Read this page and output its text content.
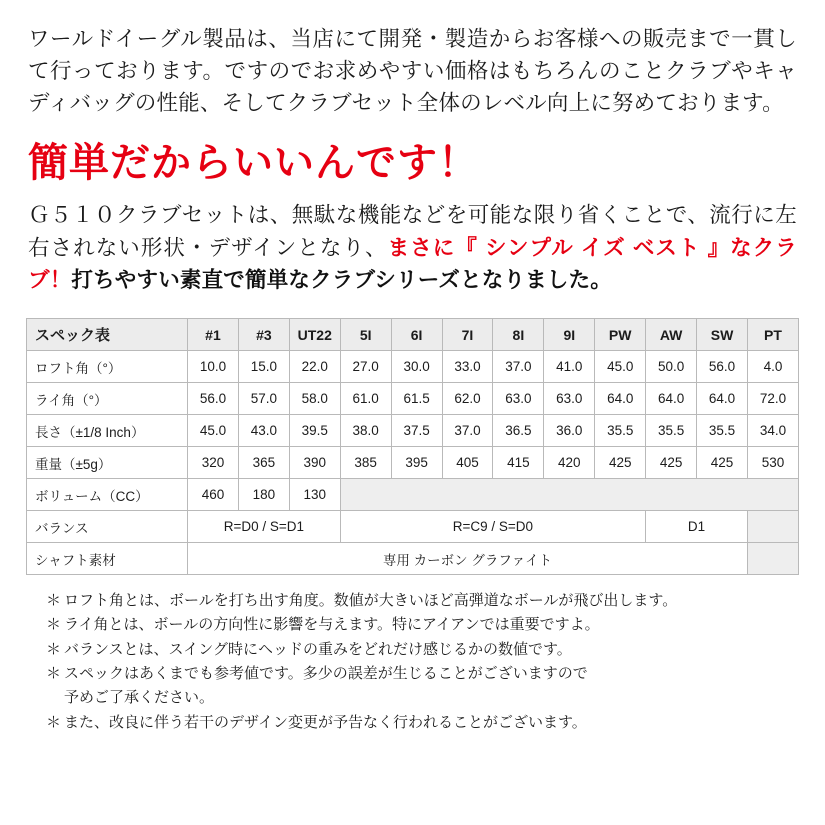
ワールドイーグル製品は、当店にて開発・製造からお客様への販売まで一貫して行っております。ですのでお求めやすい価格はもちろんのことクラブやキャディバッグの性能、そしてクラブセット全体のレベル向上に努めております。

簡単だからいいんです！

Ｇ５１０クラブセットは、無駄な機能などを可能な限り省くことで、流行に左右されない形状・デザインとなり、まさに『 シンプル イズ ベスト 』なクラブ！打ちやすい素直で簡単なクラブシリーズとなりました。

スペック表	#1	#3	UT22	5I	6I	7I	8I	9I	PW	AW	SW	PT
ロフト角（°）	10.0	15.0	22.0	27.0	30.0	33.0	37.0	41.0	45.0	50.0	56.0	4.0
ライ角（°）	56.0	57.0	58.0	61.0	61.5	62.0	63.0	63.0	64.0	64.0	64.0	72.0
長さ（±1/8 Inch）	45.0	43.0	39.5	38.0	37.5	37.0	36.5	36.0	35.5	35.5	35.5	34.0
重量（±5g）	320	365	390	385	395	405	415	420	425	425	425	530
ボリューム（CC）	460	180	130									
バランス	R=D0 / S=D1			R=C9 / S=D0						D1		
シャフト素材	専用 カーボン グラファイト											
＊ ロフト角とは、ボールを打ち出す角度。数値が大きいほど高弾道なボールが飛び出します。
＊ ライ角とは、ボールの方向性に影響を与えます。特にアイアンでは重要ですよ。
＊ バランスとは、スイング時にヘッドの重みをどれだけ感じるかの数値です。
＊ スペックはあくまでも参考値です。多少の誤差が生じることがございますので
予めご了承ください。
＊ また、改良に伴う若干のデザイン変更が予告なく行われることがございます。
